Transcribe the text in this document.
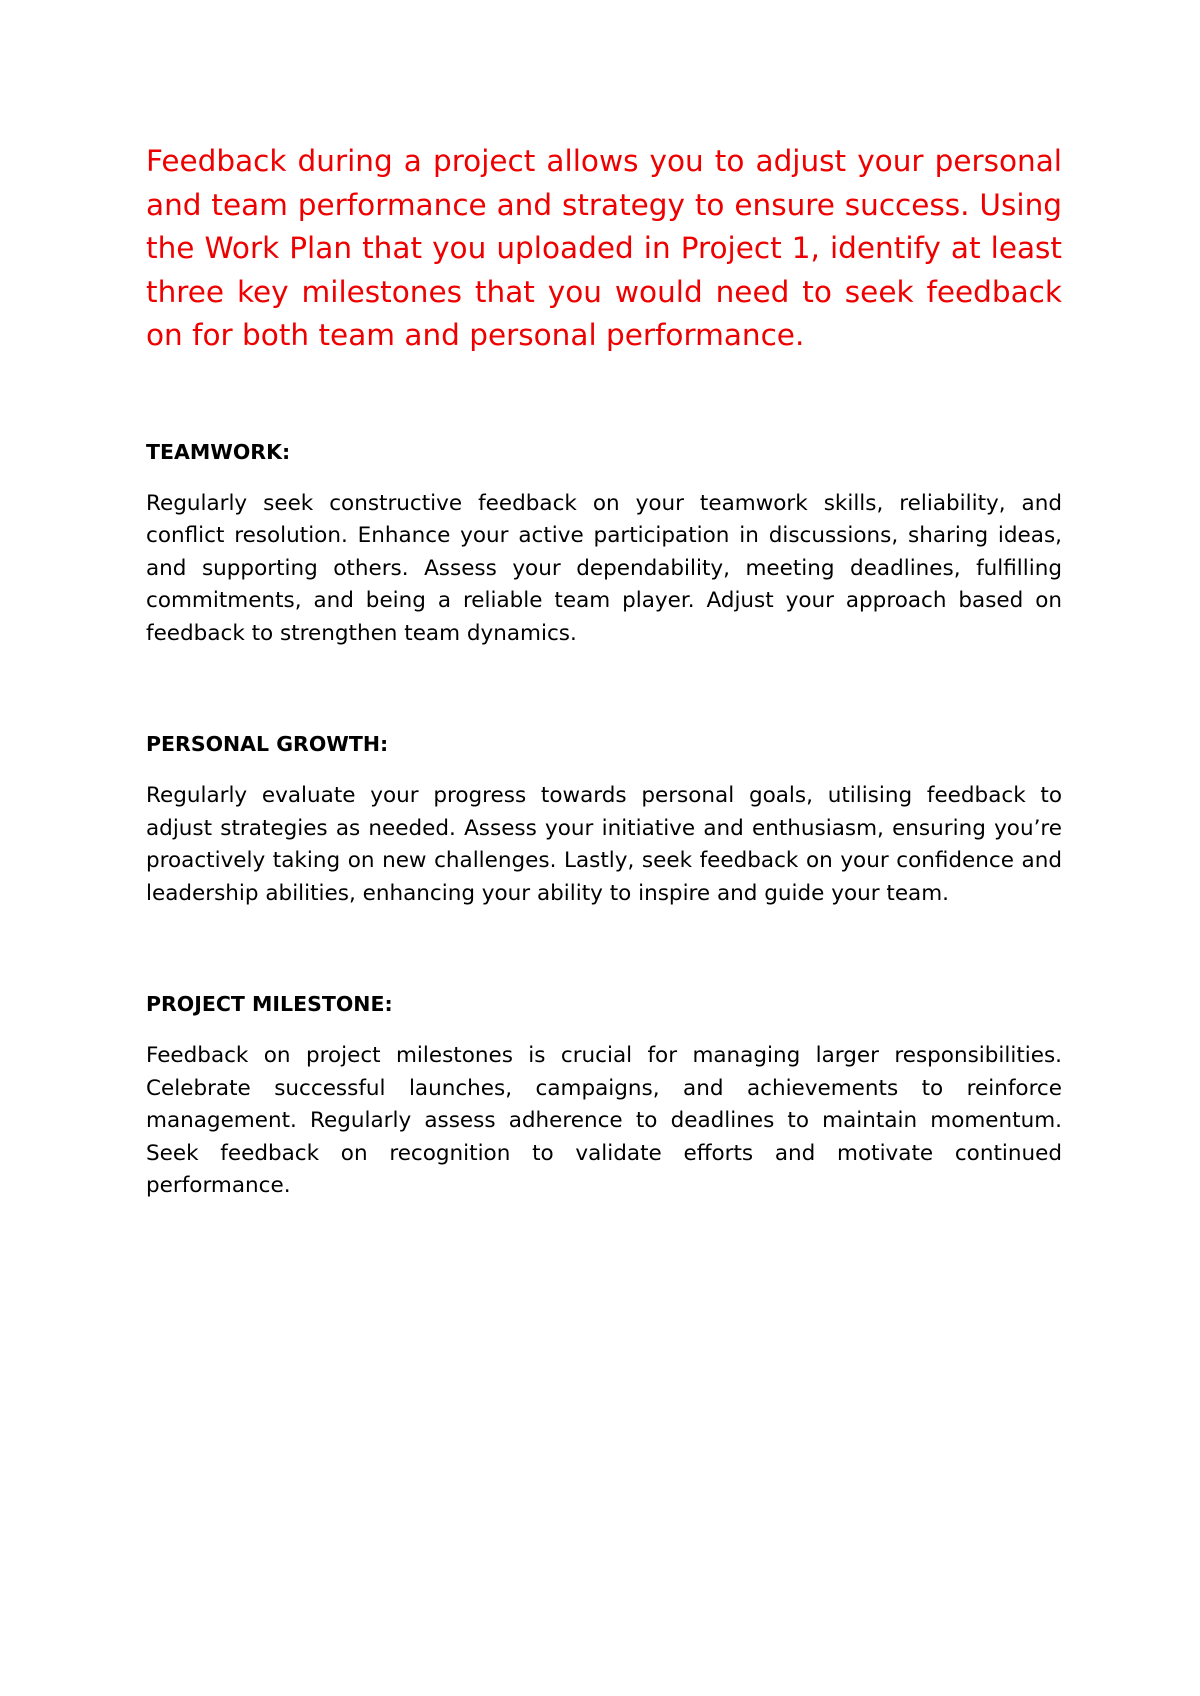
Feedback during a project allows you to adjust your personal and team performance and strategy to ensure success. Using the Work Plan that you uploaded in Project 1, identify at least three key milestones that you would need to seek feedback on for both team and personal performance.

TEAMWORK:

Regularly seek constructive feedback on your teamwork skills, reliability, and conflict resolution. Enhance your active participation in discussions, sharing ideas, and supporting others. Assess your dependability, meeting deadlines, fulfilling commitments, and being a reliable team player. Adjust your approach based on feedback to strengthen team dynamics.

PERSONAL GROWTH:

Regularly evaluate your progress towards personal goals, utilising feedback to adjust strategies as needed. Assess your initiative and enthusiasm, ensuring you’re proactively taking on new challenges. Lastly, seek feedback on your confidence and leadership abilities, enhancing your ability to inspire and guide your team.

PROJECT MILESTONE:

Feedback on project milestones is crucial for managing larger responsibilities. Celebrate successful launches, campaigns, and achievements to reinforce management. Regularly assess adherence to deadlines to maintain momentum. Seek feedback on recognition to validate efforts and motivate continued performance.
